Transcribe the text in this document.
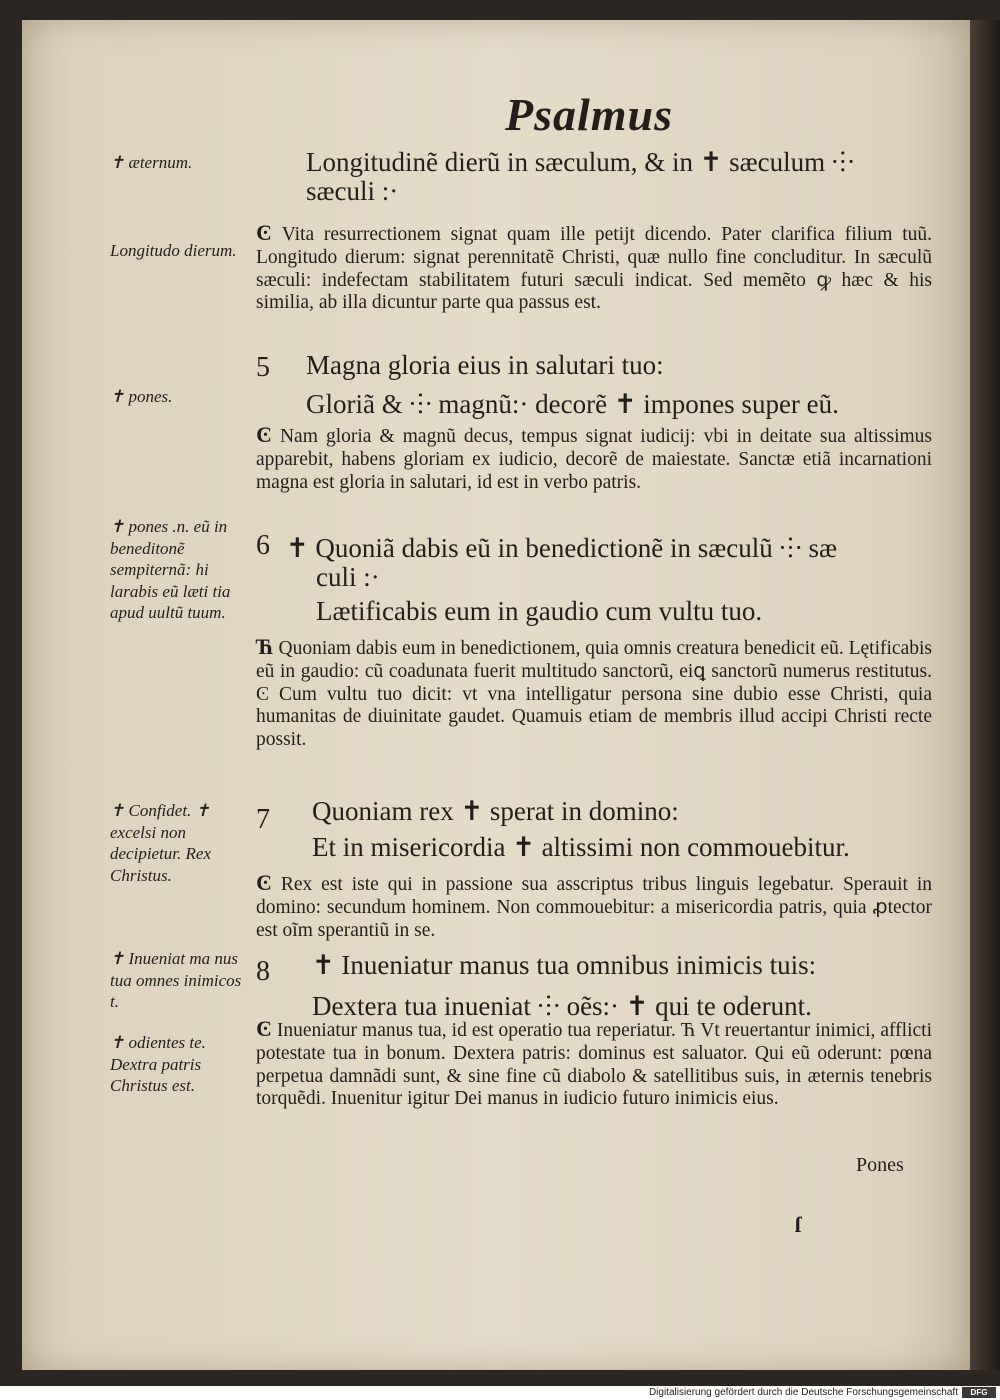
Psalmus
✝ æternum.
Longitudo dierum.
✝ pones.
✝ pones .n. eũ in beneditonẽ sempiternã: hi larabis eũ læti tia apud uultũ tuum.
✝ Confidet. ✝ excelsi non decipietur. Rex Christus.
✝ Inueniat ma nus tua omnes inimicos t.
✝ odientes te. Dextra patris Christus est.
Longitudinẽ dierũ in sæculum, & in ✝ sæculum ⸭
sæculi :·
Ͼ Vita resurrectionem signat quam ille petijt dicendo. Pater clarifica filium tuũ. Longitudo dierum: signat perennitatẽ Christi, quæ nullo fine concluditur. In sæculũ sæculi: indefectam stabilitatem futuri sæculi indicat. Sed memẽto ꝙ hæc & his similia, ab illa dicuntur parte qua passus est.
5 Magna gloria eius in salutari tuo:
Gloriã & ⸭ magnũ:· decorẽ ✝ impones super eũ.
Ͼ Nam gloria & magnũ decus, tempus signat iudicij: vbi in deitate sua altissimus apparebit, habens gloriam ex iudicio, decorẽ de maiestate. Sanctæ etiã incarnationi magna est gloria in salutari, id est in verbo patris.
6 ✝ Quoniã dabis eũ in benedictionẽ in sæculũ ⸭ sæ
culi :·
Lætificabis eum in gaudio cum vultu tuo.
Ћ Quoniam dabis eum in benedictionem, quia omnis creatura benedicit eũ. Lętificabis eũ in gaudio: cũ coadunata fuerit multitudo sanctorũ, eiꝗ sanctorũ numerus restitutus. Ͼ Cum vultu tuo dicit: vt vna intelligatur persona sine dubio esse Christi, quia humanitas de diuinitate gaudet. Quamuis etiam de membris illud accipi Christi recte possit.
7 Quoniam rex ✝ sperat in domino:
Et in misericordia ✝ altissimi non commouebitur.
Ͼ Rex est iste qui in passione sua asscriptus tribus linguis legebatur. Sperauit in domino: secundum hominem. Non commouebitur: a misericordia patris, quia ꝓtector est oĩm sperantiũ in se.
8 ✝ Inueniatur manus tua omnibus inimicis tuis:
Dextera tua inueniat ⸭ oẽs:· ✝ qui te oderunt.
Ͼ Inueniatur manus tua, id est operatio tua reperiatur. Ћ Vt reuertantur inimici, afflicti potestate tua in bonum. Dextera patris: dominus est saluator. Qui eũ oderunt: pœna perpetua damnãdi sunt, & sine fine cũ diabolo & satellitibus suis, in æternis tenebris torquẽdi. Inuenitur igitur Dei manus in iudicio futuro inimicis eius.
Pones
ſ
Digitalisierung gefördert durch die Deutsche Forschungsgemeinschaft	DFG
